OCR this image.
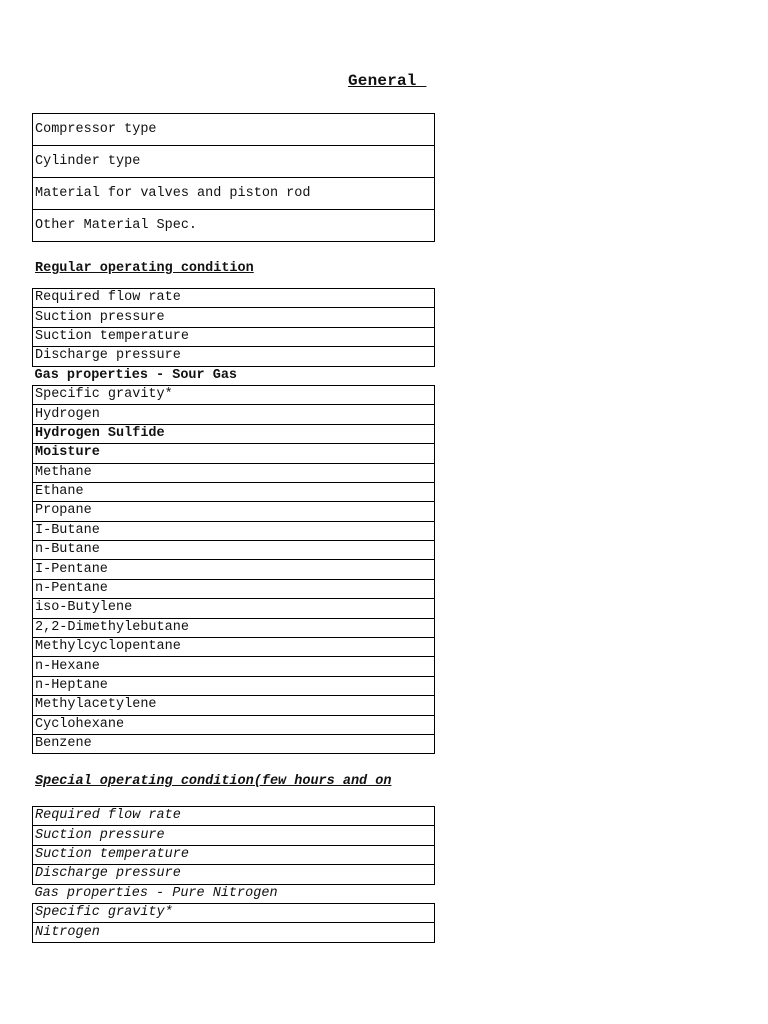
General
Compressor type
Cylinder type
Material for valves and piston rod
Other Material Spec.
Regular operating condition
Required flow rate
Suction pressure
Suction temperature
Discharge pressure
Gas properties - Sour Gas
Specific gravity*
Hydrogen
Hydrogen Sulfide
Moisture
Methane
Ethane
Propane
I-Butane
n-Butane
I-Pentane
n-Pentane
iso-Butylene
2,2-Dimethylebutane
Methylcyclopentane
n-Hexane
n-Heptane
Methylacetylene
Cyclohexane
Benzene
Special operating condition(few hours and on
Required flow rate
Suction pressure
Suction temperature
Discharge pressure
Gas properties - Pure Nitrogen
Specific gravity*
Nitrogen
